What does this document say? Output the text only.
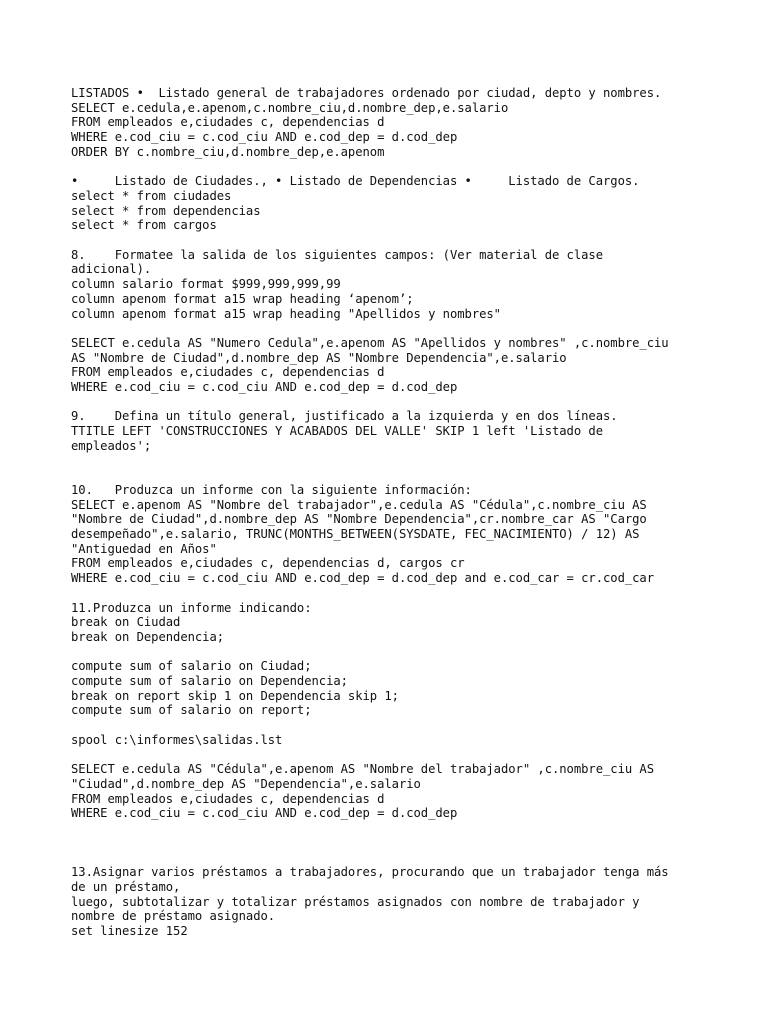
LISTADOS •  Listado general de trabajadores ordenado por ciudad, depto y nombres.
SELECT e.cedula,e.apenom,c.nombre_ciu,d.nombre_dep,e.salario
FROM empleados e,ciudades c, dependencias d
WHERE e.cod_ciu = c.cod_ciu AND e.cod_dep = d.cod_dep
ORDER BY c.nombre_ciu,d.nombre_dep,e.apenom
•     Listado de Ciudades., • Listado de Dependencias •     Listado de Cargos.
select * from ciudades
select * from dependencias
select * from cargos
8.    Formatee la salida de los siguientes campos: (Ver material de clase
adicional).
column salario format $999,999,999,99
column apenom format a15 wrap heading ‘apenom’;
column apenom format a15 wrap heading "Apellidos y nombres"
SELECT e.cedula AS "Numero Cedula",e.apenom AS "Apellidos y nombres" ,c.nombre_ciu
AS "Nombre de Ciudad",d.nombre_dep AS "Nombre Dependencia",e.salario
FROM empleados e,ciudades c, dependencias d
WHERE e.cod_ciu = c.cod_ciu AND e.cod_dep = d.cod_dep
9.    Defina un título general, justificado a la izquierda y en dos líneas.
TTITLE LEFT 'CONSTRUCCIONES Y ACABADOS DEL VALLE' SKIP 1 left 'Listado de
empleados';
10.   Produzca un informe con la siguiente información:
SELECT e.apenom AS "Nombre del trabajador",e.cedula AS "Cédula",c.nombre_ciu AS
"Nombre de Ciudad",d.nombre_dep AS "Nombre Dependencia",cr.nombre_car AS "Cargo
desempeñado",e.salario, TRUNC(MONTHS_BETWEEN(SYSDATE, FEC_NACIMIENTO) / 12) AS
"Antiguedad en Años"
FROM empleados e,ciudades c, dependencias d, cargos cr
WHERE e.cod_ciu = c.cod_ciu AND e.cod_dep = d.cod_dep and e.cod_car = cr.cod_car
11.Produzca un informe indicando:
break on Ciudad
break on Dependencia;
compute sum of salario on Ciudad;
compute sum of salario on Dependencia;
break on report skip 1 on Dependencia skip 1;
compute sum of salario on report;
spool c:\informes\salidas.lst
SELECT e.cedula AS "Cédula",e.apenom AS "Nombre del trabajador" ,c.nombre_ciu AS
"Ciudad",d.nombre_dep AS "Dependencia",e.salario
FROM empleados e,ciudades c, dependencias d
WHERE e.cod_ciu = c.cod_ciu AND e.cod_dep = d.cod_dep
13.Asignar varios préstamos a trabajadores, procurando que un trabajador tenga más
de un préstamo,
luego, subtotalizar y totalizar préstamos asignados con nombre de trabajador y
nombre de préstamo asignado.
set linesize 152
